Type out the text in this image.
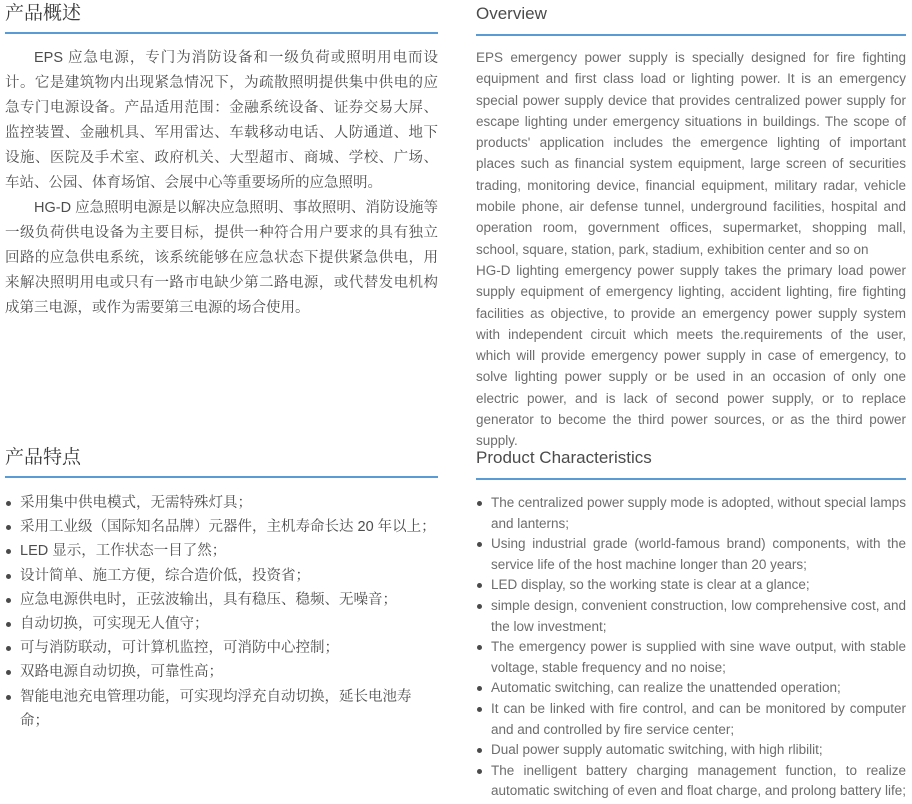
产品概述

EPS 应急电源，专门为消防设备和一级负荷或照明用电而设计。它是建筑物内出现紧急情况下，为疏散照明提供集中供电的应急专门电源设备。产品适用范围：金融系统设备、证券交易大屏、监控装置、金融机具、军用雷达、车载移动电话、人防通道、地下设施、医院及手术室、政府机关、大型超市、商城、学校、广场、车站、公园、体育场馆、会展中心等重要场所的应急照明。

HG-D 应急照明电源是以解决应急照明、事故照明、消防设施等一级负荷供电设备为主要目标，提供一种符合用户要求的具有独立回路的应急供电系统，该系统能够在应急状态下提供紧急供电，用来解决照明用电或只有一路市电缺少第二路电源，或代替发电机构成第三电源，或作为需要第三电源的场合使用。

Overview

EPS emergency power supply is specially designed for fire fighting equipment and first class load or lighting power. It is an emergency special power supply device that provides centralized power supply for escape lighting under emergency situations in buildings. The scope of products' application includes the emergence lighting of important places such as financial system equipment, large screen of securities trading, monitoring device, financial equipment, military radar, vehicle mobile phone, air defense tunnel, underground facilities, hospital and operation room, government offices, supermarket, shopping mall, school, square, station, park, stadium, exhibition center and so on

HG-D lighting emergency power supply takes the primary load power supply equipment of emergency lighting, accident lighting, fire fighting facilities as objective, to provide an emergency power supply system with independent circuit which meets the.requirements of the user, which will provide emergency power supply in case of emergency, to solve lighting power supply or be used in an occasion of only one electric power, and is lack of second power supply, or to replace generator to become the third power sources, or as the third power supply.

产品特点
采用集中供电模式，无需特殊灯具；
采用工业级（国际知名品牌）元器件，主机寿命长达 20 年以上；
LED 显示，工作状态一目了然；
设计简单、施工方便，综合造价低，投资省；
应急电源供电时，正弦波输出，具有稳压、稳频、无噪音；
自动切换，可实现无人值守；
可与消防联动，可计算机监控，可消防中心控制；
双路电源自动切换，可靠性高；
智能电池充电管理功能，可实现均浮充自动切换，延长电池寿命；
Product Characteristics
The centralized power supply mode is adopted, without special lamps and lanterns;
Using industrial grade (world-famous brand) components, with the service life of the host machine longer than 20 years;
LED display, so the working state is clear at a glance;
simple design, convenient construction, low comprehensive cost, and the low investment;
The emergency power is supplied with sine wave output, with stable voltage, stable frequency and no noise;
Automatic switching, can realize the unattended operation;
It can be linked with fire control, and can be monitored by computer and and controlled by fire service center;
Dual power supply automatic switching, with high rlibilit;
The inelligent battery charging management function, to realize automatic switching of even and float charge, and prolong battery life;
